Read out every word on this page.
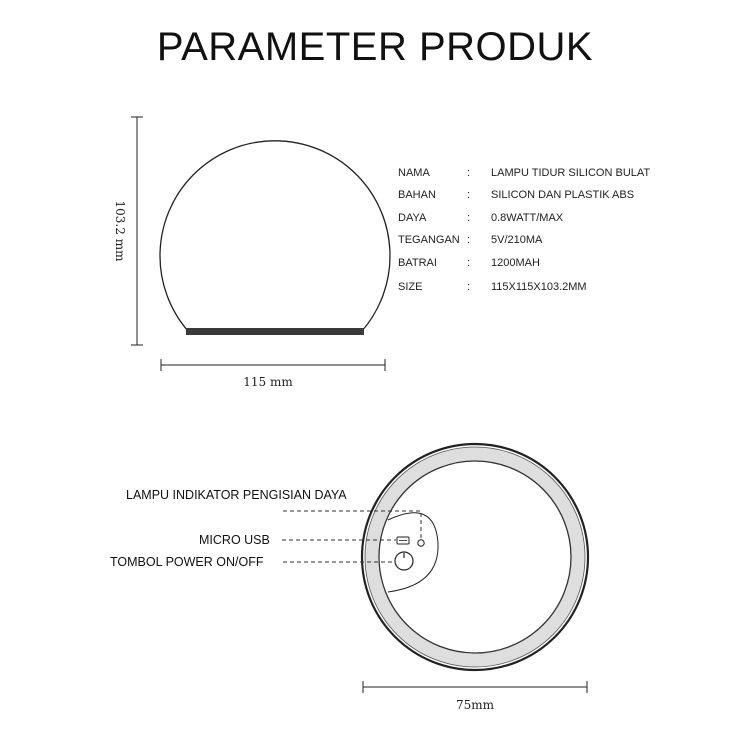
PARAMETER PRODUK
103.2 mm
115 mm
NAMA	: LAMPU TIDUR SILICON BULAT
BAHAN	: SILICON DAN PLASTIK ABS
DAYA	: 0.8WATT/MAX
TEGANGAN : 5V/210MA
BATRAI	: 1200MAH
SIZE	: 115X115X103.2MM
LAMPU INDIKATOR PENGISIAN DAYA
MICRO USB
TOMBOL POWER ON/OFF
75mm
